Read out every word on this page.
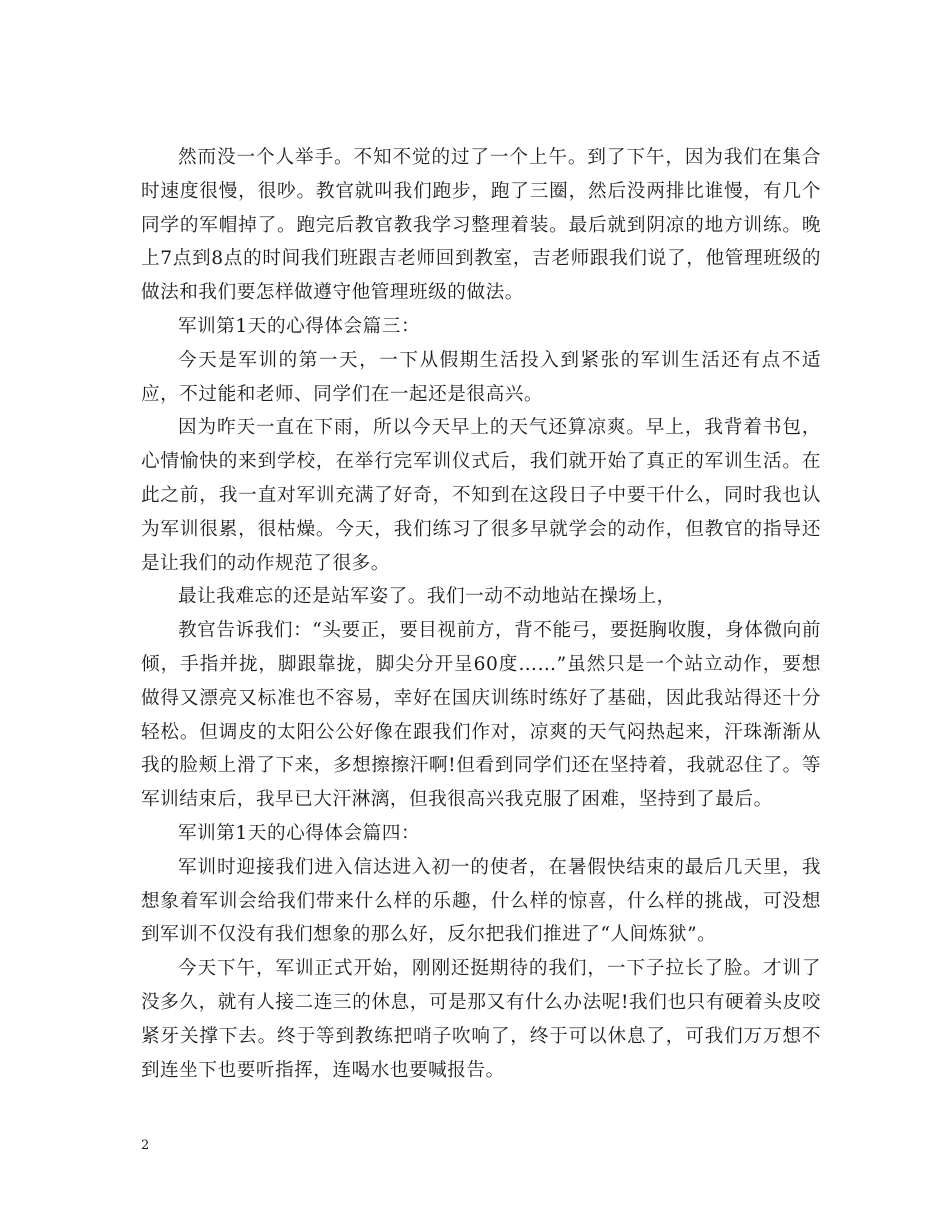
然而没一个人举手。不知不觉的过了一个上午。到了下午，因为我们在集合时速度很慢，很吵。教官就叫我们跑步，跑了三圈，然后没两排比谁慢，有几个同学的军帽掉了。跑完后教官教我学习整理着装。最后就到阴凉的地方训练。晚上7点到8点的时间我们班跟吉老师回到教室，吉老师跟我们说了，他管理班级的做法和我们要怎样做遵守他管理班级的做法。

军训第1天的心得体会篇三：

今天是军训的第一天，一下从假期生活投入到紧张的军训生活还有点不适应，不过能和老师、同学们在一起还是很高兴。

因为昨天一直在下雨，所以今天早上的天气还算凉爽。早上，我背着书包，心情愉快的来到学校，在举行完军训仪式后，我们就开始了真正的军训生活。在此之前，我一直对军训充满了好奇，不知到在这段日子中要干什么，同时我也认为军训很累，很枯燥。今天，我们练习了很多早就学会的动作，但教官的指导还是让我们的动作规范了很多。

最让我难忘的还是站军姿了。我们一动不动地站在操场上，

教官告诉我们：“头要正，要目视前方，背不能弓，要挺胸收腹，身体微向前倾，手指并拢，脚跟靠拢，脚尖分开呈60度……”虽然只是一个站立动作，要想做得又漂亮又标准也不容易，幸好在国庆训练时练好了基础，因此我站得还十分轻松。但调皮的太阳公公好像在跟我们作对，凉爽的天气闷热起来，汗珠渐渐从我的脸颊上滑了下来，多想擦擦汗啊!但看到同学们还在坚持着，我就忍住了。等军训结束后，我早已大汗淋漓，但我很高兴我克服了困难，坚持到了最后。

军训第1天的心得体会篇四：

军训时迎接我们进入信达进入初一的使者，在暑假快结束的最后几天里，我想象着军训会给我们带来什么样的乐趣，什么样的惊喜，什么样的挑战，可没想到军训不仅没有我们想象的那么好，反尔把我们推进了“人间炼狱”。

今天下午，军训正式开始，刚刚还挺期待的我们，一下子拉长了脸。才训了没多久，就有人接二连三的休息，可是那又有什么办法呢!我们也只有硬着头皮咬紧牙关撑下去。终于等到教练把哨子吹响了，终于可以休息了，可我们万万想不到连坐下也要听指挥，连喝水也要喊报告。

2
